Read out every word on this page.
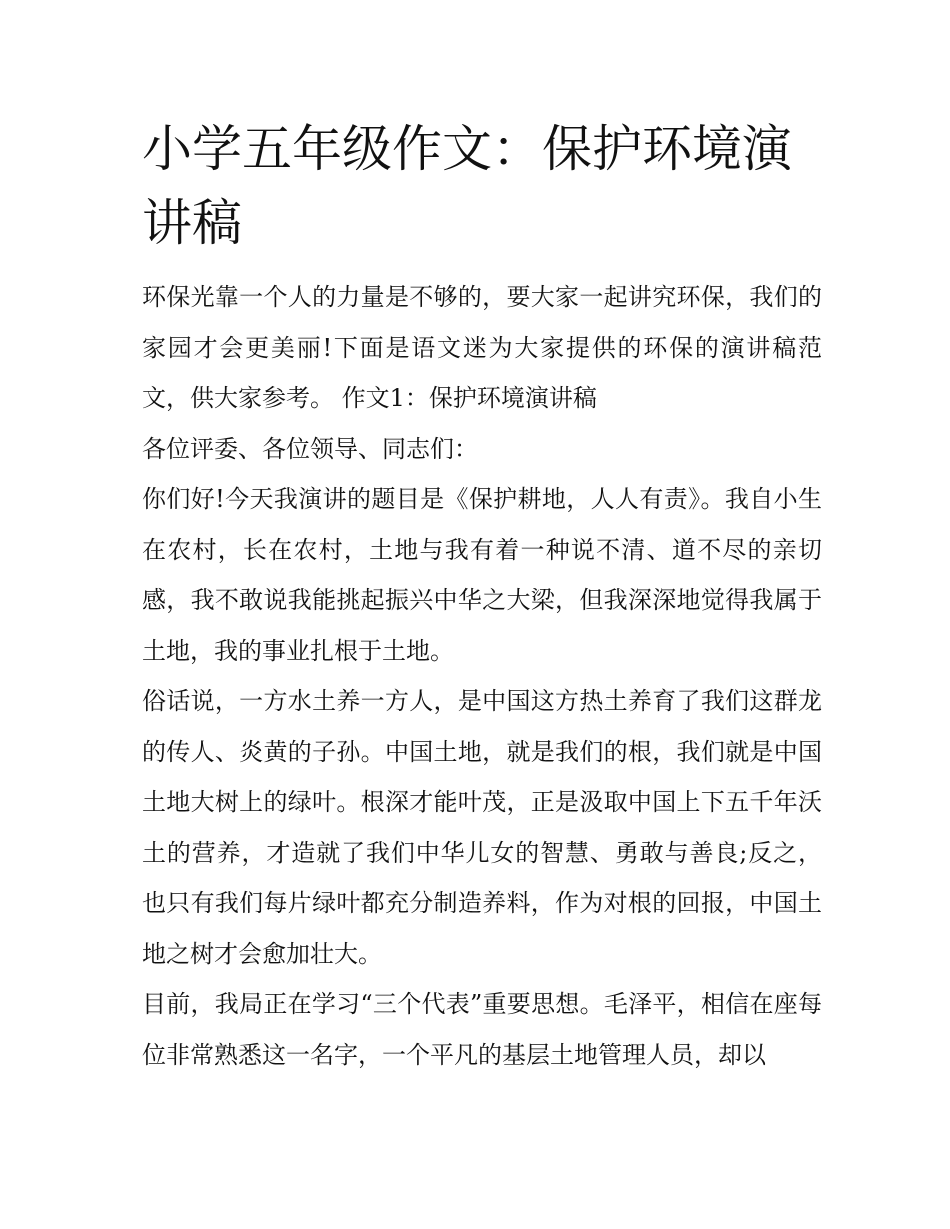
小学五年级作文：保护环境演讲稿

环保光靠一个人的力量是不够的，要大家一起讲究环保，我们的家园才会更美丽!下面是语文迷为大家提供的环保的演讲稿范文，供大家参考。 作文1：保护环境演讲稿

各位评委、各位领导、同志们：

你们好!今天我演讲的题目是《保护耕地，人人有责》。我自小生在农村，长在农村，土地与我有着一种说不清、道不尽的亲切感，我不敢说我能挑起振兴中华之大梁，但我深深地觉得我属于土地，我的事业扎根于土地。

俗话说，一方水土养一方人，是中国这方热土养育了我们这群龙的传人、炎黄的子孙。中国土地，就是我们的根，我们就是中国土地大树上的绿叶。根深才能叶茂，正是汲取中国上下五千年沃土的营养，才造就了我们中华儿女的智慧、勇敢与善良;反之，也只有我们每片绿叶都充分制造养料，作为对根的回报，中国土地之树才会愈加壮大。

目前，我局正在学习“三个代表”重要思想。毛泽平，相信在座每位非常熟悉这一名字，一个平凡的基层土地管理人员，却以
